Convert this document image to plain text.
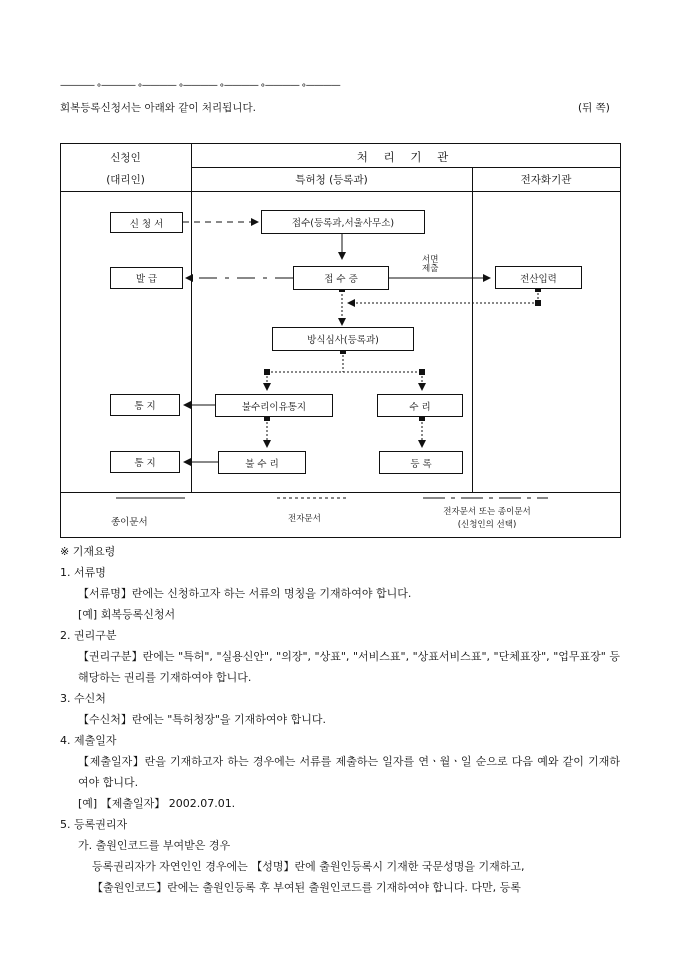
———— ∘———— ∘———— ∘———— ∘———— ∘———— ∘————
회복등록신청서는 아래와 같이 처리됩니다.	(뒤 쪽)
신청인
(대리인)
처 리 기 관
특허청 (등록과)	전자화기관
신 청 서	접수(등록과,서울사무소)
발 급	접 수 증
서면
제출
전산입력
방식심사(등록과)
통 지	불수리이유통지	수 리
통 지	불 수 리	등 록
종이문서	전자문서
전자문서 또는 종이문서
(신청인의 선택)
※ 기재요령
1. 서류명
【서류명】란에는 신청하고자 하는 서류의 명칭을 기재하여야 합니다.
[예] 회복등록신청서
2. 권리구분
【권리구분】란에는 "특허", "실용신안", "의장", "상표", "서비스표", "상표서비스표", "단체표장", "업무표장" 등 해당하는 권리를 기재하여야 합니다.
3. 수신처
【수신처】란에는 "특허청장"을 기재하여야 합니다.
4. 제출일자
【제출일자】란을 기재하고자 하는 경우에는 서류를 제출하는 일자를 연ㆍ월ㆍ일 순으로 다음 예와 같이 기재하여야 합니다.
[예] 【제출일자】 2002.07.01.
5. 등록권리자
가. 출원인코드를 부여받은 경우
등록권리자가 자연인인 경우에는 【성명】란에 출원인등록시 기재한 국문성명을 기재하고,
【출원인코드】란에는 출원인등록 후 부여된 출원인코드를 기재하여야 합니다. 다만, 등록
